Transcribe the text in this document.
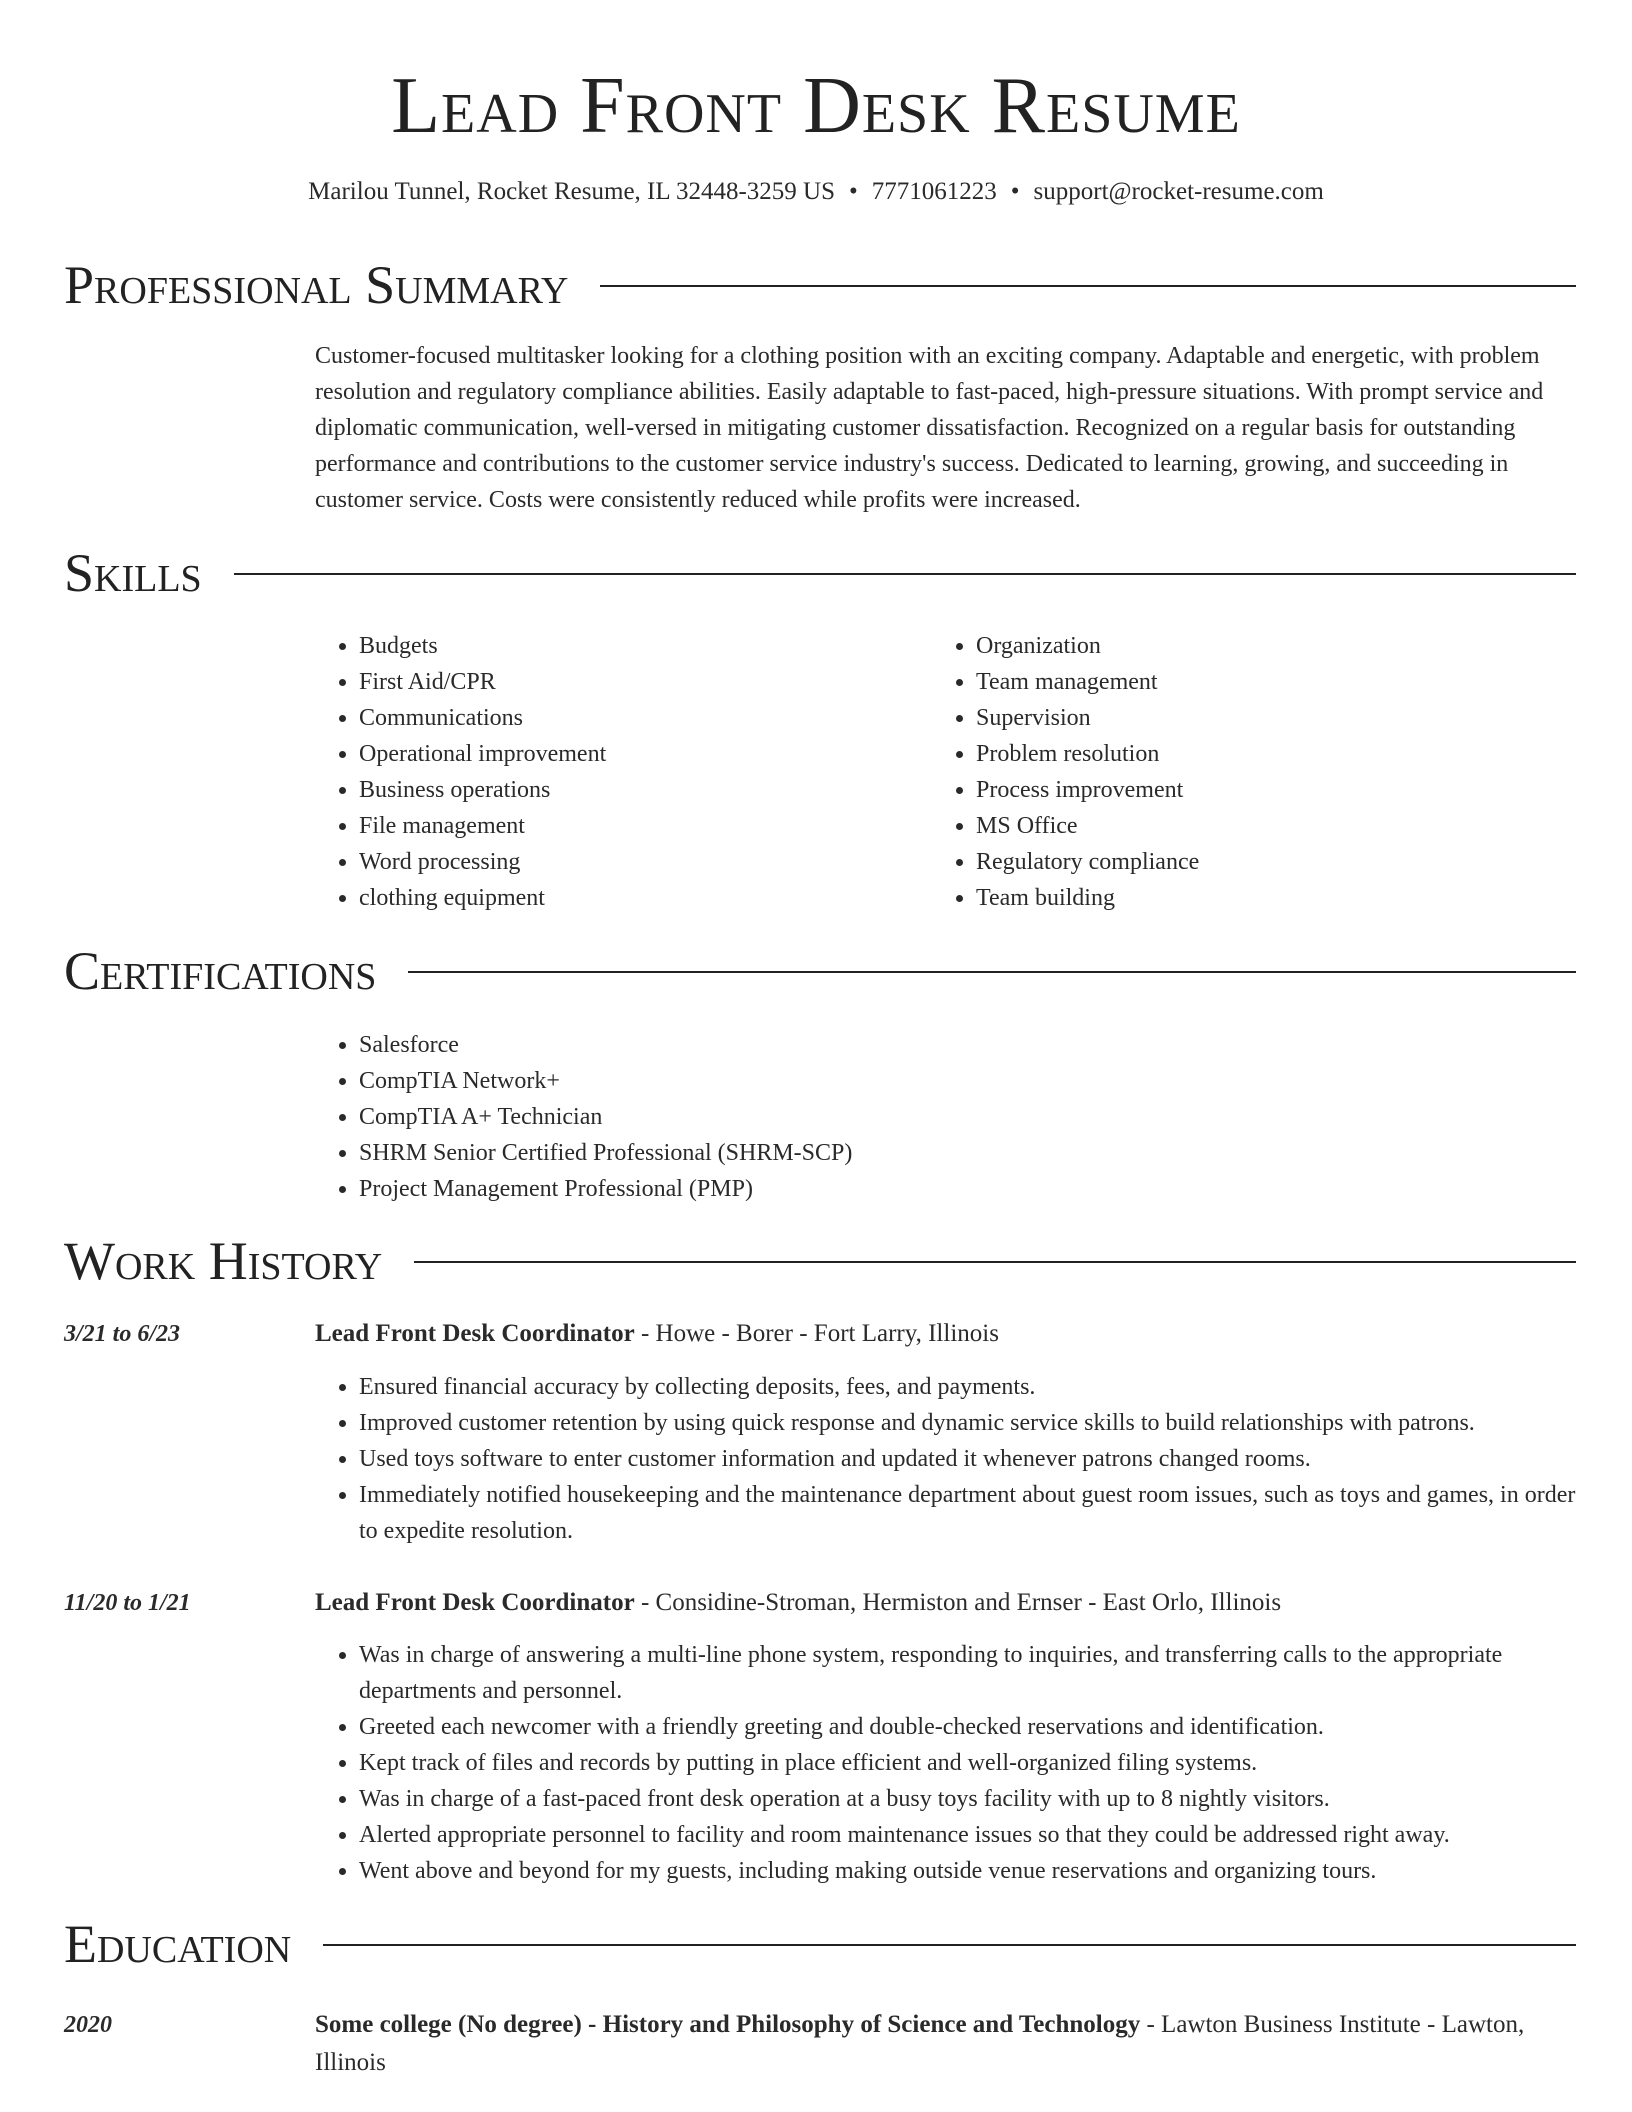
Lead Front Desk Resume
Marilou Tunnel, Rocket Resume, IL 32448-3259 US • 7771061223 • support@rocket-resume.com
Professional Summary
Customer-focused multitasker looking for a clothing position with an exciting company. Adaptable and energetic, with problem resolution and regulatory compliance abilities. Easily adaptable to fast-paced, high-pressure situations. With prompt service and diplomatic communication, well-versed in mitigating customer dissatisfaction. Recognized on a regular basis for outstanding performance and contributions to the customer service industry's success. Dedicated to learning, growing, and succeeding in customer service. Costs were consistently reduced while profits were increased.
Skills
• Budgets
• First Aid/CPR
• Communications
• Operational improvement
• Business operations
• File management
• Word processing
• clothing equipment
• Organization
• Team management
• Supervision
• Problem resolution
• Process improvement
• MS Office
• Regulatory compliance
• Team building
Certifications
• Salesforce
• CompTIA Network+
• CompTIA A+ Technician
• SHRM Senior Certified Professional (SHRM-SCP)
• Project Management Professional (PMP)
Work History
3/21 to 6/23	Lead Front Desk Coordinator - Howe - Borer - Fort Larry, Illinois
• Ensured financial accuracy by collecting deposits, fees, and payments.
• Improved customer retention by using quick response and dynamic service skills to build relationships with patrons.
• Used toys software to enter customer information and updated it whenever patrons changed rooms.
• Immediately notified housekeeping and the maintenance department about guest room issues, such as toys and games, in order to expedite resolution.
11/20 to 1/21	Lead Front Desk Coordinator - Considine-Stroman, Hermiston and Ernser - East Orlo, Illinois
• Was in charge of answering a multi-line phone system, responding to inquiries, and transferring calls to the appropriate departments and personnel.
• Greeted each newcomer with a friendly greeting and double-checked reservations and identification.
• Kept track of files and records by putting in place efficient and well-organized filing systems.
• Was in charge of a fast-paced front desk operation at a busy toys facility with up to 8 nightly visitors.
• Alerted appropriate personnel to facility and room maintenance issues so that they could be addressed right away.
• Went above and beyond for my guests, including making outside venue reservations and organizing tours.
Education
2020	Some college (No degree) - History and Philosophy of Science and Technology - Lawton Business Institute - Lawton, Illinois
